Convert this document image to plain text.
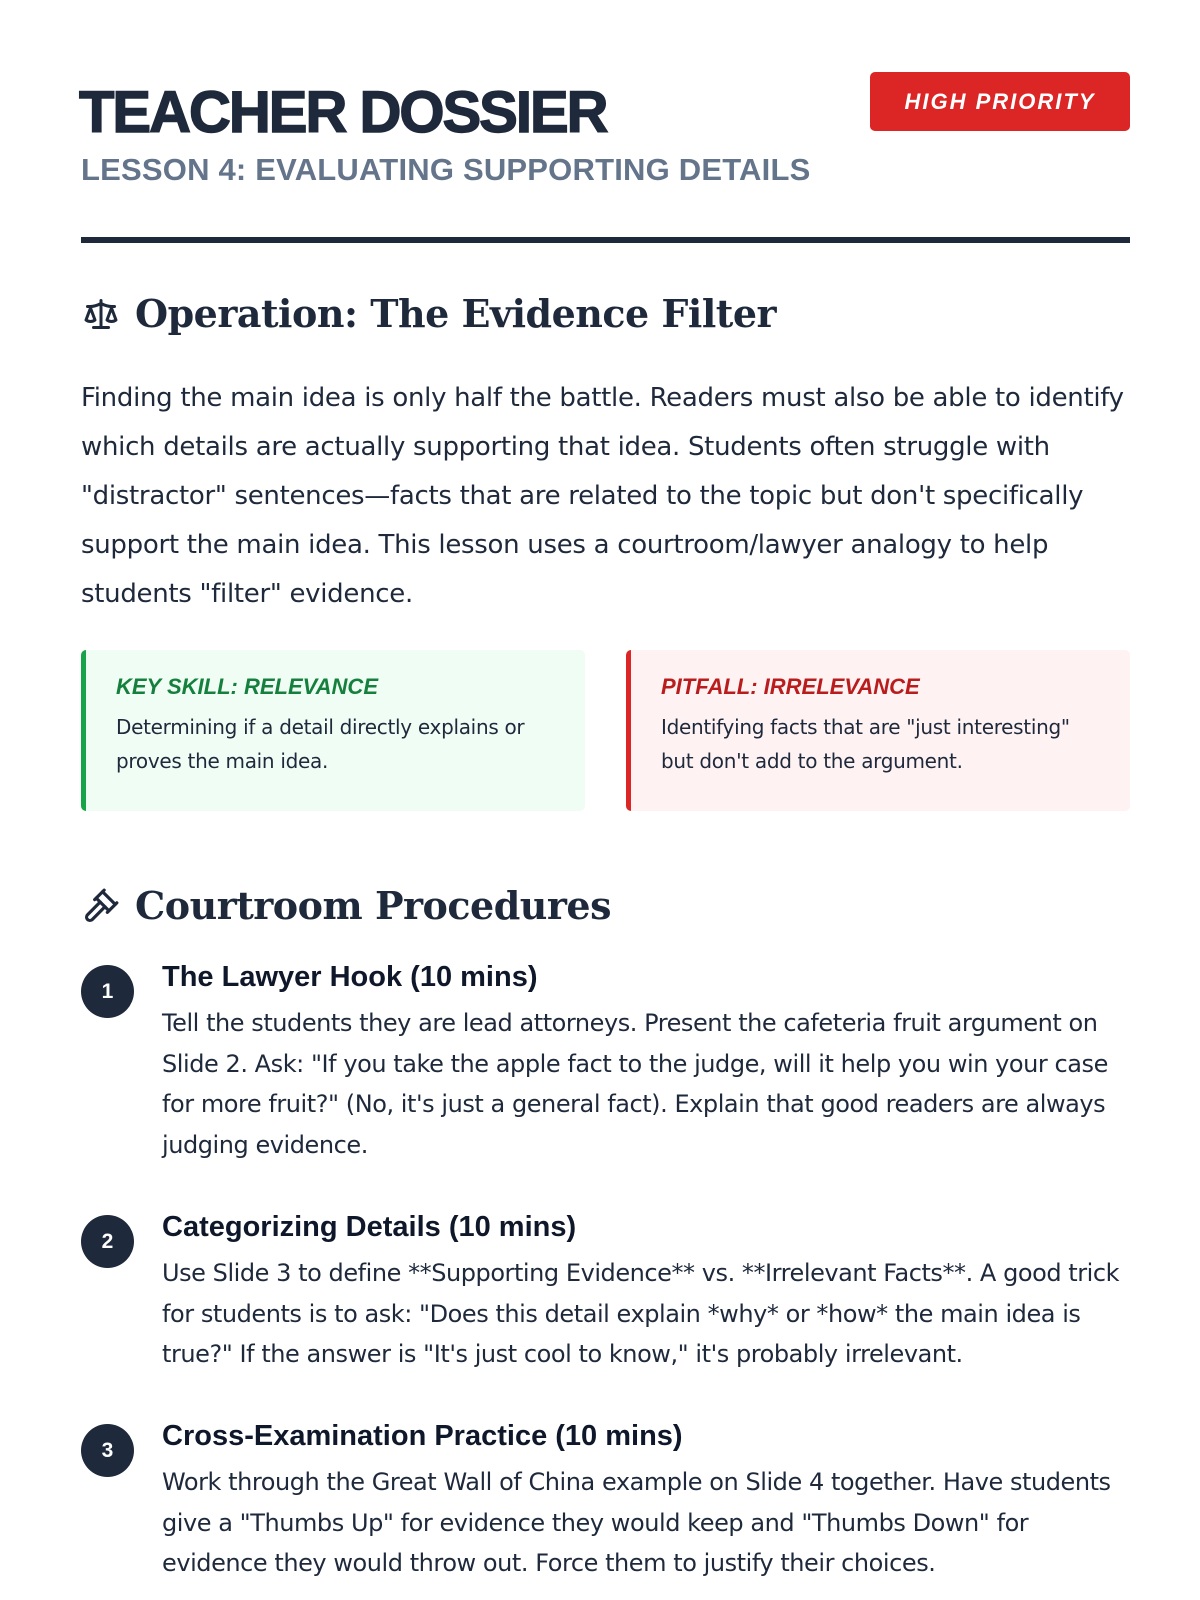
TEACHER DOSSIER
LESSON 4: EVALUATING SUPPORTING DETAILS
HIGH PRIORITY
Operation: The Evidence Filter

Finding the main idea is only half the battle. Readers must also be able to identify which details are actually supporting that idea. Students often struggle with "distractor" sentences—facts that are related to the topic but don't specifically support the main idea. This lesson uses a courtroom/lawyer analogy to help students "filter" evidence.

KEY SKILL: RELEVANCE
Determining if a detail directly explains or proves the main idea.
PITFALL: IRRELEVANCE
Identifying facts that are "just interesting" but don't add to the argument.
Courtroom Procedures
1	The Lawyer Hook (10 mins)

Tell the students they are lead attorneys. Present the cafeteria fruit argument on Slide 2. Ask: "If you take the apple fact to the judge, will it help you win your case for more fruit?" (No, it's just a general fact). Explain that good readers are always judging evidence.

2	Categorizing Details (10 mins)

Use Slide 3 to define **Supporting Evidence** vs. **Irrelevant Facts**. A good trick for students is to ask: "Does this detail explain *why* or *how* the main idea is true?" If the answer is "It's just cool to know," it's probably irrelevant.

3	Cross-Examination Practice (10 mins)

Work through the Great Wall of China example on Slide 4 together. Have students give a "Thumbs Up" for evidence they would keep and "Thumbs Down" for evidence they would throw out. Force them to justify their choices.
